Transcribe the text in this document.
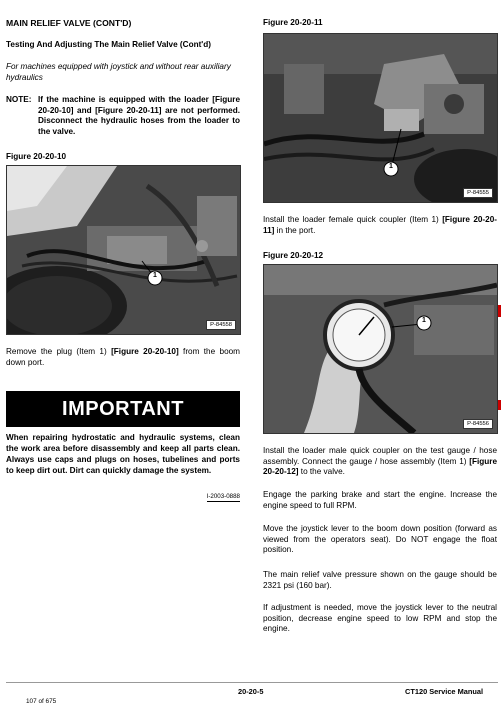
MAIN RELIEF VALVE (CONT'D)
Testing And Adjusting The Main Relief Valve (Cont'd)
For machines equipped with joystick and without rear auxiliary hydraulics
NOTE: If the machine is equipped with the loader [Figure 20-20-10] and [Figure 20-20-11] are not performed. Disconnect the hydraulic hoses from the loader to the valve.
Figure 20-20-10
1
P-84558
Remove the plug (Item 1) [Figure 20-20-10] from the boom down port.
IMPORTANT
When repairing hydrostatic and hydraulic systems, clean the work area before disassembly and keep all parts clean. Always use caps and plugs on hoses, tubelines and ports to keep dirt out. Dirt can quickly damage the system.
I-2003-0888
Figure 20-20-11
1
P-84555
Install the loader female quick coupler (Item 1) [Figure 20-20-11] in the port.
Figure 20-20-12
1
P-84556
Install the loader male quick coupler on the test gauge / hose assembly. Connect the gauge / hose assembly (Item 1) [Figure 20-20-12] to the valve.
Engage the parking brake and start the engine. Increase the engine speed to full RPM.
Move the joystick lever to the boom down position (forward as viewed from the operators seat). Do NOT engage the float position.
The main relief valve pressure shown on the gauge should be 2321 psi (160 bar).
If adjustment is needed, move the joystick lever to the neutral position, decrease engine speed to low RPM and stop the engine.
107 of 675
20-20-5	CT120 Service Manual
